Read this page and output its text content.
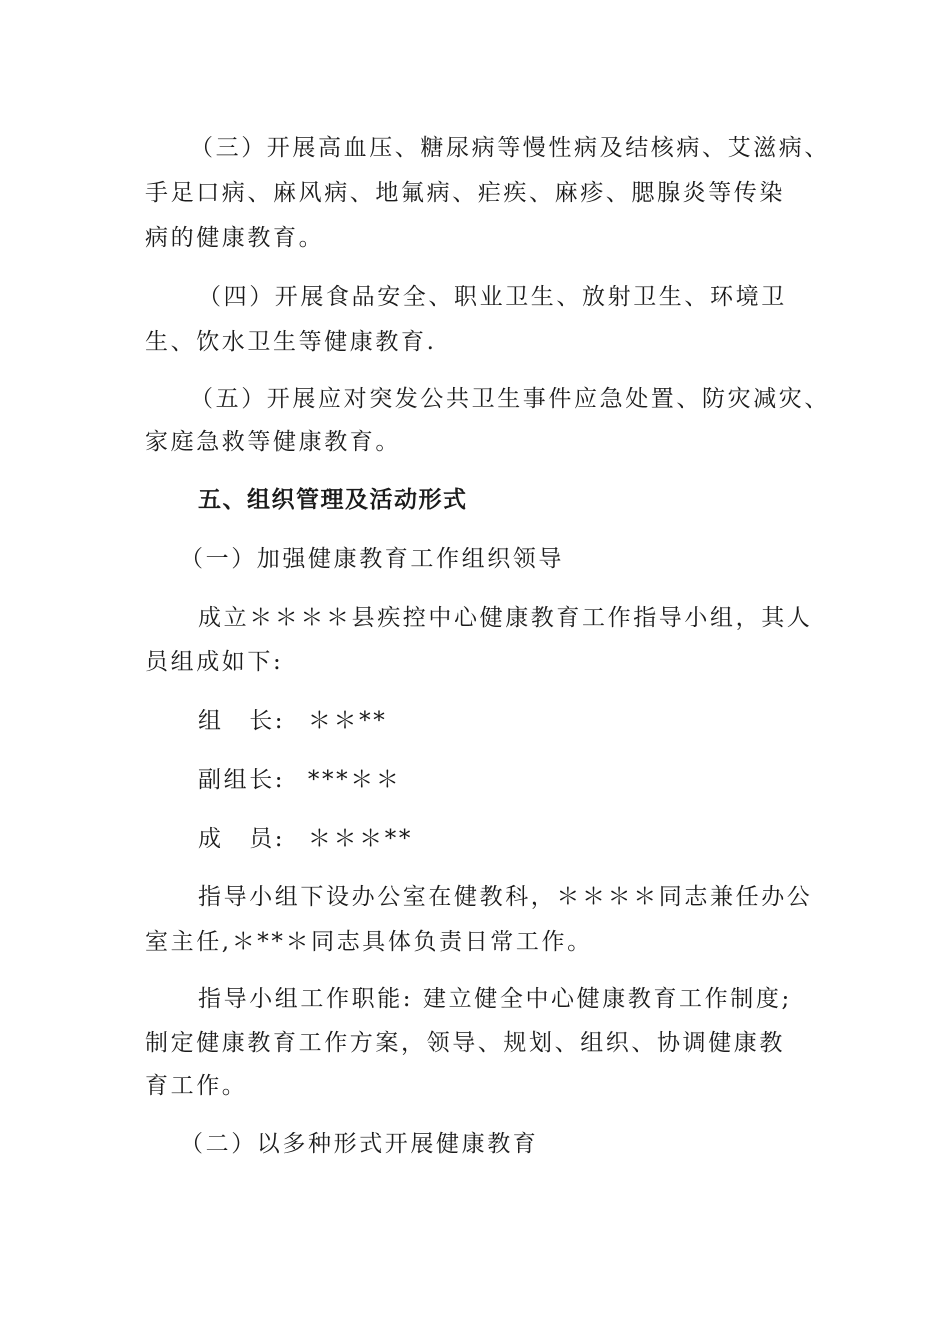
（三）开展高血压、糖尿病等慢性病及结核病、艾滋病、
手足口病、麻风病、地氟病、疟疾、麻疹、腮腺炎等传染
病的健康教育。
（四）开展食品安全、职业卫生、放射卫生、环境卫
生、饮水卫生等健康教育.
（五）开展应对突发公共卫生事件应急处置、防灾减灾、
家庭急救等健康教育。
五、组织管理及活动形式
（一）加强健康教育工作组织领导
成立＊＊＊＊县疾控中心健康教育工作指导小组，其人
员组成如下:
组　长: ＊＊**
副组长: ***＊＊
成　员: ＊＊＊**
指导小组下设办公室在健教科，＊＊＊＊同志兼任办公
室主任,＊**＊同志具体负责日常工作。
指导小组工作职能: 建立健全中心健康教育工作制度;
制定健康教育工作方案，领导、规划、组织、协调健康教
育工作。
（二）以多种形式开展健康教育
